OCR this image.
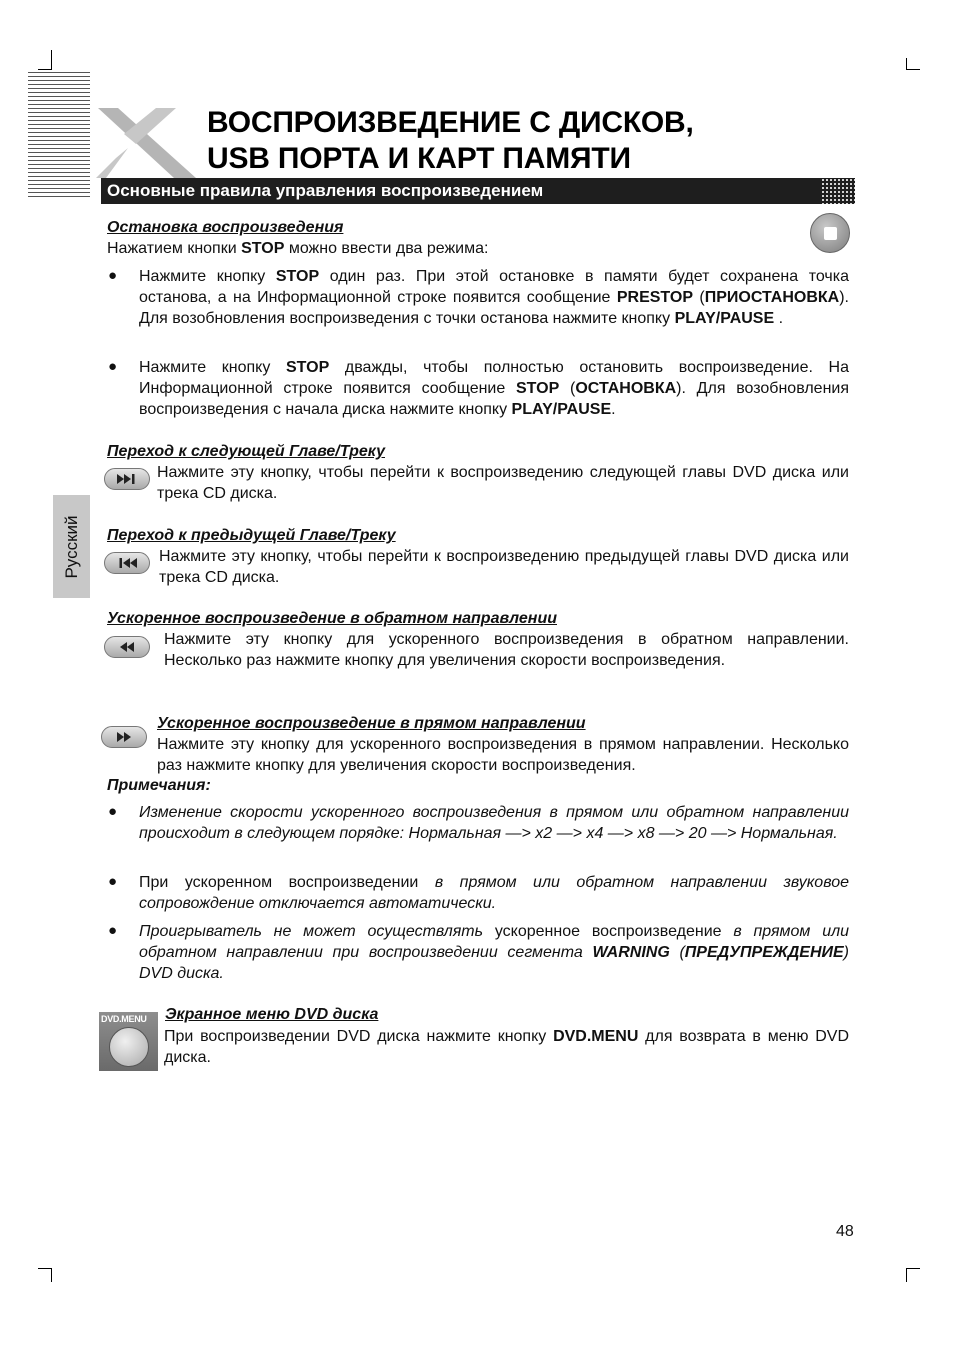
ВОСПРОИЗВЕДЕНИЕ С ДИСКОВ,
USB ПОРТА И КАРТ ПАМЯТИ
Основные правила управления воспроизведением
Русский
Остановка воспроизведения
Нажатием кнопки STOP можно ввести два режима:
● Нажмите кнопку STOP один раз. При этой остановке в памяти будет сохранена точка останова, а на Информационной строке появится сообщение PRESTOP (ПРИОСТАНОВКА). Для возобновления воспроизведения с точки останова нажмите кнопку PLAY/PAUSE .
● Нажмите кнопку STOP дважды, чтобы полностью остановить воспроизведение. На Информационной строке появится сообщение STOP (ОСТАНОВКА). Для возобновления воспроизведения с начала диска нажмите кнопку PLAY/PAUSE.
Переход к следующей Главе/Треку
Нажмите эту кнопку, чтобы перейти к воспроизведению следующей главы DVD диска или трека CD диска.
Переход к предыдущей Главе/Треку
Нажмите эту кнопку, чтобы перейти к воспроизведению предыдущей главы DVD диска или трека CD диска.
Ускоренное воспроизведение в обратном направлении
Нажмите эту кнопку для ускоренного воспроизведения в обратном направлении. Несколько раз нажмите кнопку для увеличения скорости воспроизведения.
Ускоренное воспроизведение в прямом направлении
Нажмите эту кнопку для ускоренного воспроизведения в прямом направлении. Несколько раз нажмите кнопку для увеличения скорости воспроизведения.
Примечания:
● Изменение скорости ускоренного воспроизведения в прямом или обратном направлении происходит в следующем порядке: Нормальная —> x2 —> x4 —> x8 —> 20 —> Нормальная.
● При ускоренном воспроизведении в прямом или обратном направлении звуковое сопровождение отключается автоматически.
● Проигрыватель не может осуществлять ускоренное воспроизведение в прямом или обратном направлении при воспроизведении сегмента WARNING (ПРЕДУПРЕЖДЕНИЕ) DVD диска.
DVD.MENU Экранное меню DVD диска
При воспроизведении DVD диска нажмите кнопку DVD.MENU для возврата в меню DVD диска.
48
